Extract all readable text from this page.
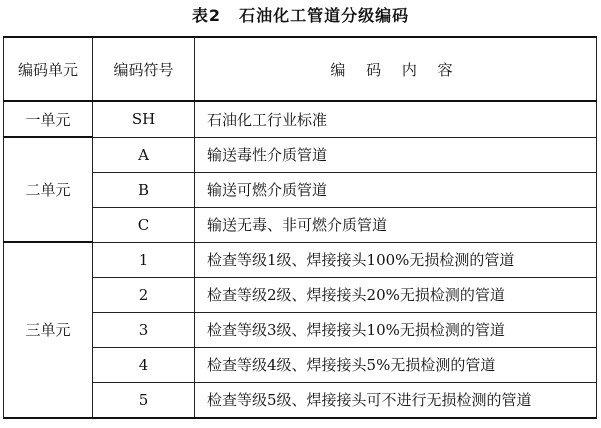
表2 石油化工管道分级编码
编码单元	编码符号	编 码 内 容
一单元	SH	石油化工行业标准
二单元	A	输送毒性介质管道
	B	输送可燃介质管道
	C	输送无毒、非可燃介质管道
三单元	1	检查等级1级、焊接接头100%无损检测的管道
	2	检查等级2级、焊接接头20%无损检测的管道
	3	检查等级3级、焊接接头10%无损检测的管道
	4	检查等级4级、焊接接头5%无损检测的管道
	5	检查等级5级、焊接接头可不进行无损检测的管道
